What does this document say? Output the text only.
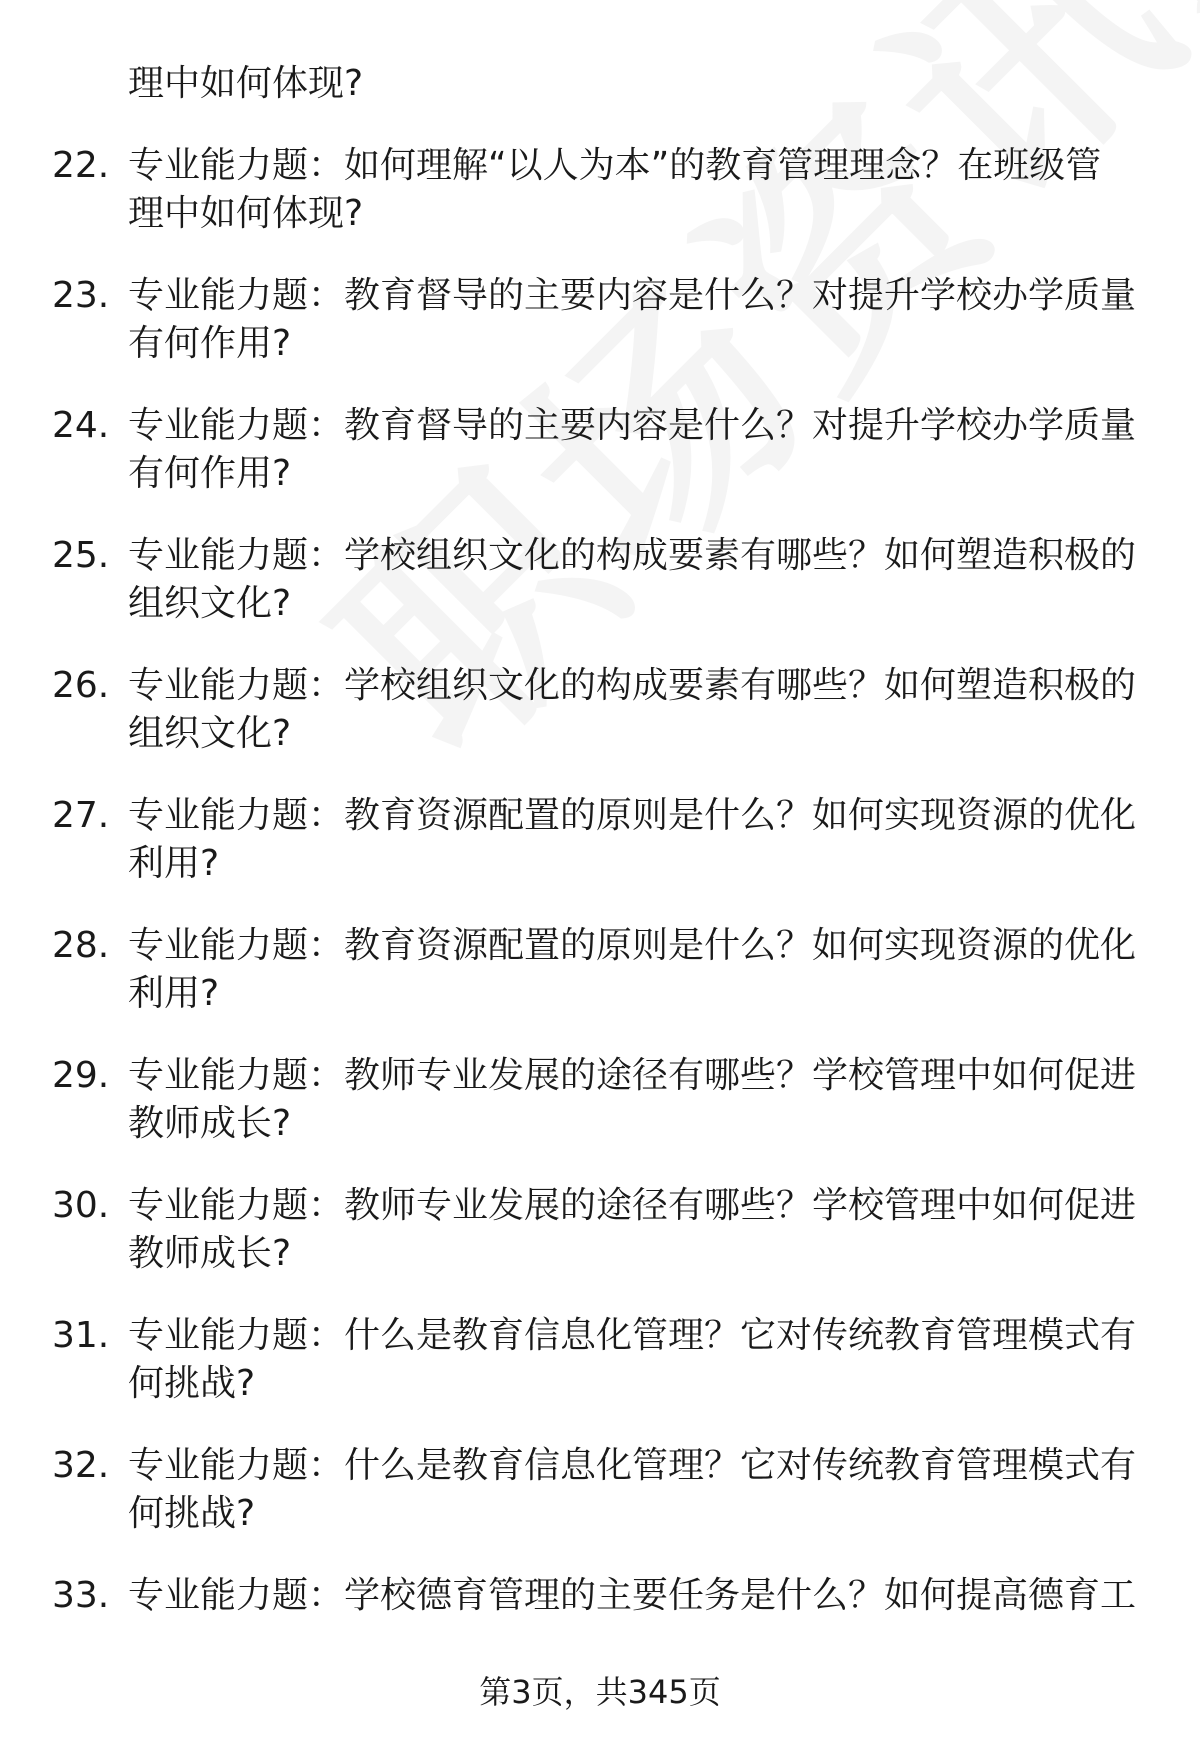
理中如何体现?
22. 专业能力题：如何理解“以人为本”的教育管理理念？在班级管
理中如何体现?
23. 专业能力题：教育督导的主要内容是什么？对提升学校办学质量
有何作用?
24. 专业能力题：教育督导的主要内容是什么？对提升学校办学质量
有何作用?
25. 专业能力题：学校组织文化的构成要素有哪些？如何塑造积极的
组织文化?
26. 专业能力题：学校组织文化的构成要素有哪些？如何塑造积极的
组织文化?
27. 专业能力题：教育资源配置的原则是什么？如何实现资源的优化
利用?
28. 专业能力题：教育资源配置的原则是什么？如何实现资源的优化
利用?
29. 专业能力题：教师专业发展的途径有哪些？学校管理中如何促进
教师成长?
30. 专业能力题：教师专业发展的途径有哪些？学校管理中如何促进
教师成长?
31. 专业能力题：什么是教育信息化管理？它对传统教育管理模式有
何挑战?
32. 专业能力题：什么是教育信息化管理？它对传统教育管理模式有
何挑战?
33. 专业能力题：学校德育管理的主要任务是什么？如何提高德育工
第3页，共345页
